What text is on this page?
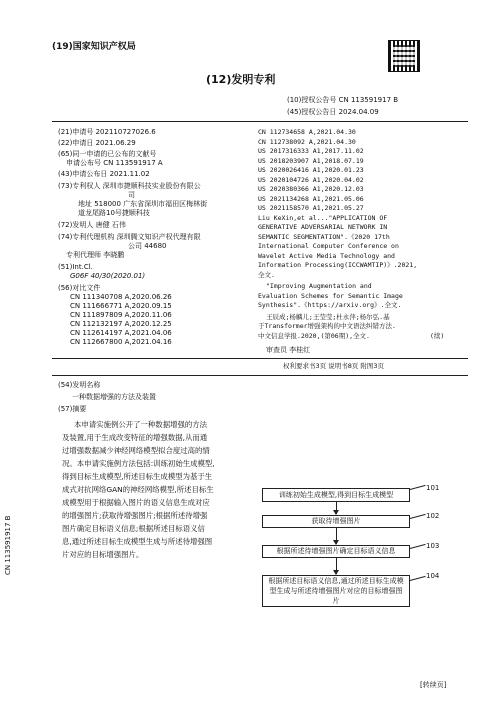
(19)国家知识产权局
(12)发明专利
(10)授权公告号 CN 113591917 B
(45)授权公告日 2024.04.09
(21)申请号 202110727026.6
(22)申请日 2021.06.29
(65)同一申请的已公布的文献号
申请公布号 CN 113591917 A
(43)申请公布日 2021.11.02
(73)专利权人 深圳市捷顺科技实业股份有限公
司
地址 518000 广东省深圳市福田区梅林街
道龙尾路10号捷顺科技
(72)发明人 唐健 石伟
(74)专利代理机构 深圳腾文知识产权代理有限
公司 44680
专利代理师 李晓鹏
(51)Int.Cl.
G06F 40/30(2020.01)
(56)对比文件
CN 111340708 A,2020.06.26
CN 111666771 A,2020.09.15
CN 111897809 A,2020.11.06
CN 112132197 A,2020.12.25
CN 112614197 A,2021.04.06
CN 112667800 A,2021.04.16
CN 112734658 A,2021.04.30
CN 112738092 A,2021.04.30
US 2017316333 A1,2017.11.02
US 2018203907 A1,2018.07.19
US 2020026416 A1,2020.01.23
US 2020104726 A1,2020.04.02
US 2020380366 A1,2020.12.03
US 2021134268 A1,2021.05.06
US 2021158570 A1,2021.05.27
Liu KeXin,et al..."APPLICATION OF
GENERATIVE ADVERSARIAL NETWORK IN
SEMANTIC SEGMENTATION".《2020 17th
International Computer Conference on
Wavelet Active Media Technology and
Information Processing(ICCWAMTIP)》.2021,
全文.
"Improving Augmentation and
Evaluation Schemes for Semantic Image
Synthesis".《https://arxiv.org》.全文.
王辰成;杨麟儿;王莹莹;杜永萍;杨尔弘.基
于Transformer增强架构的中文语法纠错方法.
中文信息学报.2020,(第06期),全文.	(续)
审查员 李桂红
权利要求书3页 说明书8页 附图3页
(54)发明名称
一种数据增强的方法及装置
(57)摘要
本申请实施例公开了一种数据增强的方法
及装置,用于生成改变特征的增强数据,从而通
过增强数据减少神经网络模型拟合度过高的情
况。本申请实施例方法包括:训练初始生成模型,
得到目标生成模型,所述目标生成模型为基于生
成式对抗网络GAN的神经网络模型,所述目标生
成模型用于根据输入图片的语义信息生成对应
的增强图片;获取待增强图片;根据所述待增强
图片确定目标语义信息;根据所述目标语义信
息,通过所述目标生成模型生成与所述待增强图
片对应的目标增强图片。
训练初始生成模型,得到目标生成模型
101
获取待增强图片
102
根据所述待增强图片确定目标语义信息
103
根据所述目标语义信息,通过所述目标生成模型生成与所述待增强图片对应的目标增强图片
104
CN 113591917 B
[转续页]
